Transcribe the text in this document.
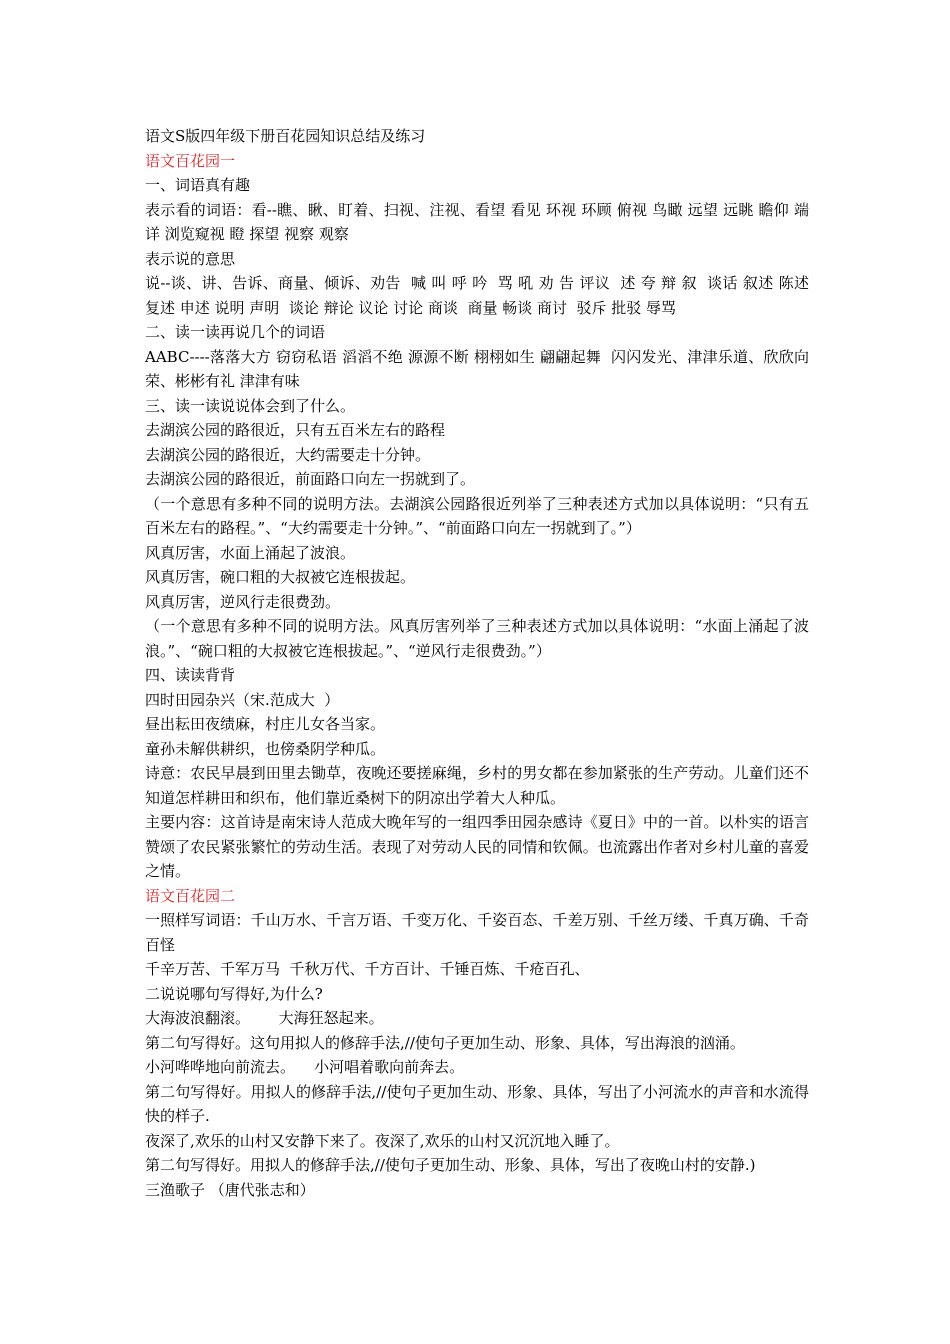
语文S版四年级下册百花园知识总结及练习
语文百花园一
一、词语真有趣
表示看的词语：看--瞧、瞅、盯着、扫视、注视、看望 看见 环视 环顾 俯视 鸟瞰 远望 远眺 瞻仰 端详 浏览窥视 瞪 探望 视察 观察
表示说的意思
说--谈、讲、告诉、商量、倾诉、劝告  喊 叫 呼 吟  骂 吼 劝 告 评议  述 夸 辩 叙  谈话 叙述 陈述 复述 申述 说明 声明  谈论 辩论 议论 讨论 商谈  商量 畅谈 商讨  驳斥 批驳 辱骂
二、读一读再说几个的词语
AABC----落落大方 窃窃私语 滔滔不绝 源源不断 栩栩如生 翩翩起舞  闪闪发光、津津乐道、欣欣向荣、彬彬有礼 津津有味
三、读一读说说体会到了什么。
去湖滨公园的路很近，只有五百米左右的路程
去湖滨公园的路很近，大约需要走十分钟。
去湖滨公园的路很近，前面路口向左一拐就到了。
（一个意思有多种不同的说明方法。去湖滨公园路很近列举了三种表述方式加以具体说明：“只有五百米左右的路程。”、“大约需要走十分钟。”、“前面路口向左一拐就到了。”）
风真厉害，水面上涌起了波浪。
风真厉害，碗口粗的大叔被它连根拔起。
风真厉害，逆风行走很费劲。
（一个意思有多种不同的说明方法。风真厉害列举了三种表述方式加以具体说明：“水面上涌起了波浪。”、“碗口粗的大叔被它连根拔起。”、“逆风行走很费劲。”）
四、读读背背
四时田园杂兴（宋.范成大  ）
昼出耘田夜绩麻，村庄儿女各当家。
童孙未解供耕织，也傍桑阴学种瓜。
诗意：农民早晨到田里去锄草，夜晚还要搓麻绳，乡村的男女都在参加紧张的生产劳动。儿童们还不知道怎样耕田和织布，他们靠近桑树下的阴凉出学着大人种瓜。
主要内容：这首诗是南宋诗人范成大晚年写的一组四季田园杂感诗《夏日》中的一首。以朴实的语言赞颂了农民紧张繁忙的劳动生活。表现了对劳动人民的同情和钦佩。也流露出作者对乡村儿童的喜爱之情。
语文百花园二
一照样写词语：千山万水、千言万语、千变万化、千姿百态、千差万别、千丝万缕、千真万确、千奇百怪
千辛万苦、千军万马  千秋万代、千方百计、千锤百炼、千疮百孔、
二说说哪句写得好,为什么?
大海波浪翻滚。      大海狂怒起来。
第二句写得好。这句用拟人的修辞手法,//使句子更加生动、形象、具体，写出海浪的汹涌。
小河哗哗地向前流去。    小河唱着歌向前奔去。
第二句写得好。用拟人的修辞手法,//使句子更加生动、形象、具体，写出了小河流水的声音和水流得快的样子.
夜深了,欢乐的山村又安静下来了。夜深了,欢乐的山村又沉沉地入睡了。
第二句写得好。用拟人的修辞手法,//使句子更加生动、形象、具体，写出了夜晚山村的安静.)
三渔歌子 （唐代张志和）
